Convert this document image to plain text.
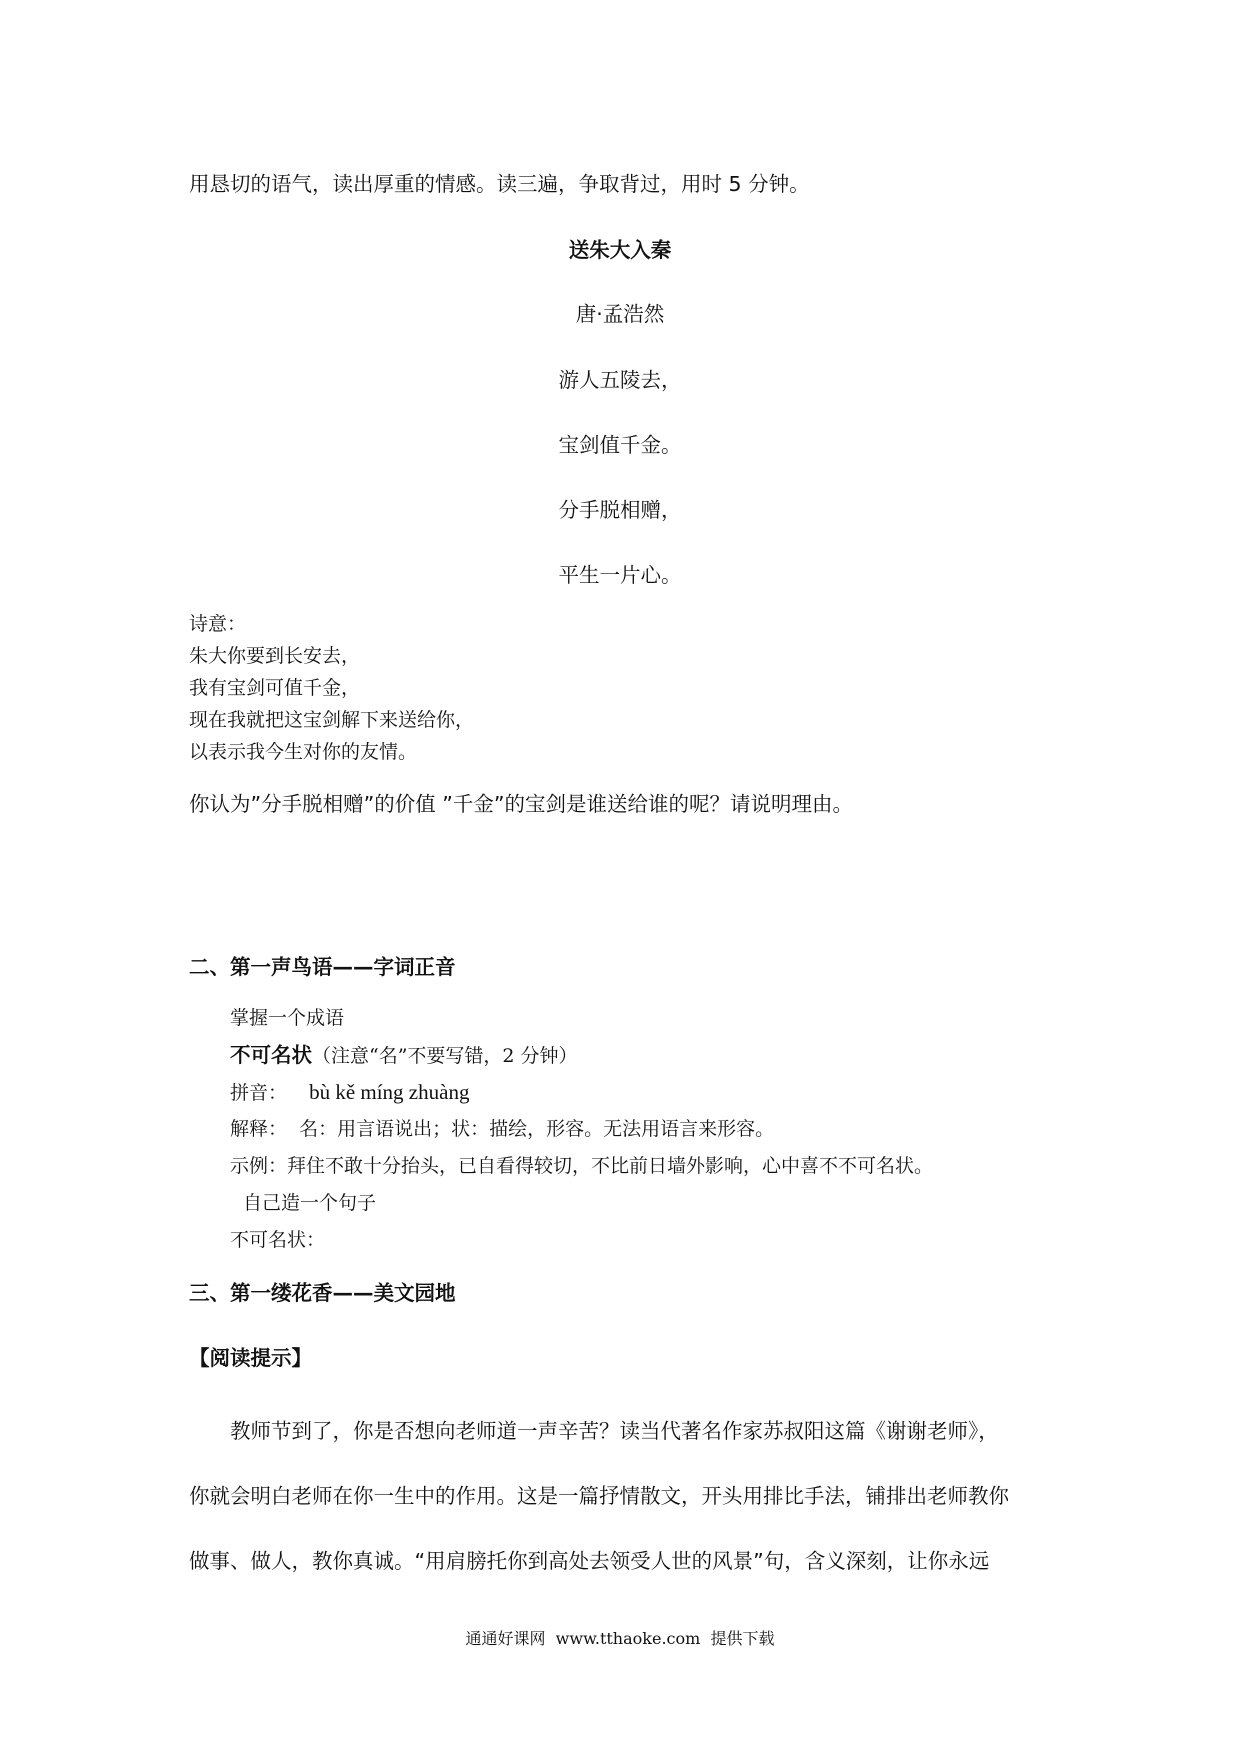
用恳切的语气，读出厚重的情感。读三遍，争取背过，用时 5 分钟。
送朱大入秦
唐·孟浩然
游人五陵去，
宝剑值千金。
分手脱相赠，
平生一片心。
诗意：
朱大你要到长安去，
我有宝剑可值千金，
现在我就把这宝剑解下来送给你，
以表示我今生对你的友情。
你认为”分手脱相赠”的价值 ”千金”的宝剑是谁送给谁的呢？请说明理由。
二、第一声鸟语——字词正音
掌握一个成语
不可名状（注意“名”不要写错，2 分钟）
拼音： bù kě míng zhuàng
解释：  名：用言语说出；状：描绘，形容。无法用语言来形容。
示例：拜住不敢十分抬头，已自看得较切，不比前日墙外影响，心中喜不不可名状。
自己造一个句子
不可名状：
三、第一缕花香——美文园地
【阅读提示】
教师节到了，你是否想向老师道一声辛苦？读当代著名作家苏叔阳这篇《谢谢老师》，
你就会明白老师在你一生中的作用。这是一篇抒情散文，开头用排比手法，铺排出老师教你
做事、做人，教你真诚。“用肩膀托你到高处去领受人世的风景”句，含义深刻，让你永远
通通好课网  www.tthaoke.com  提供下载
